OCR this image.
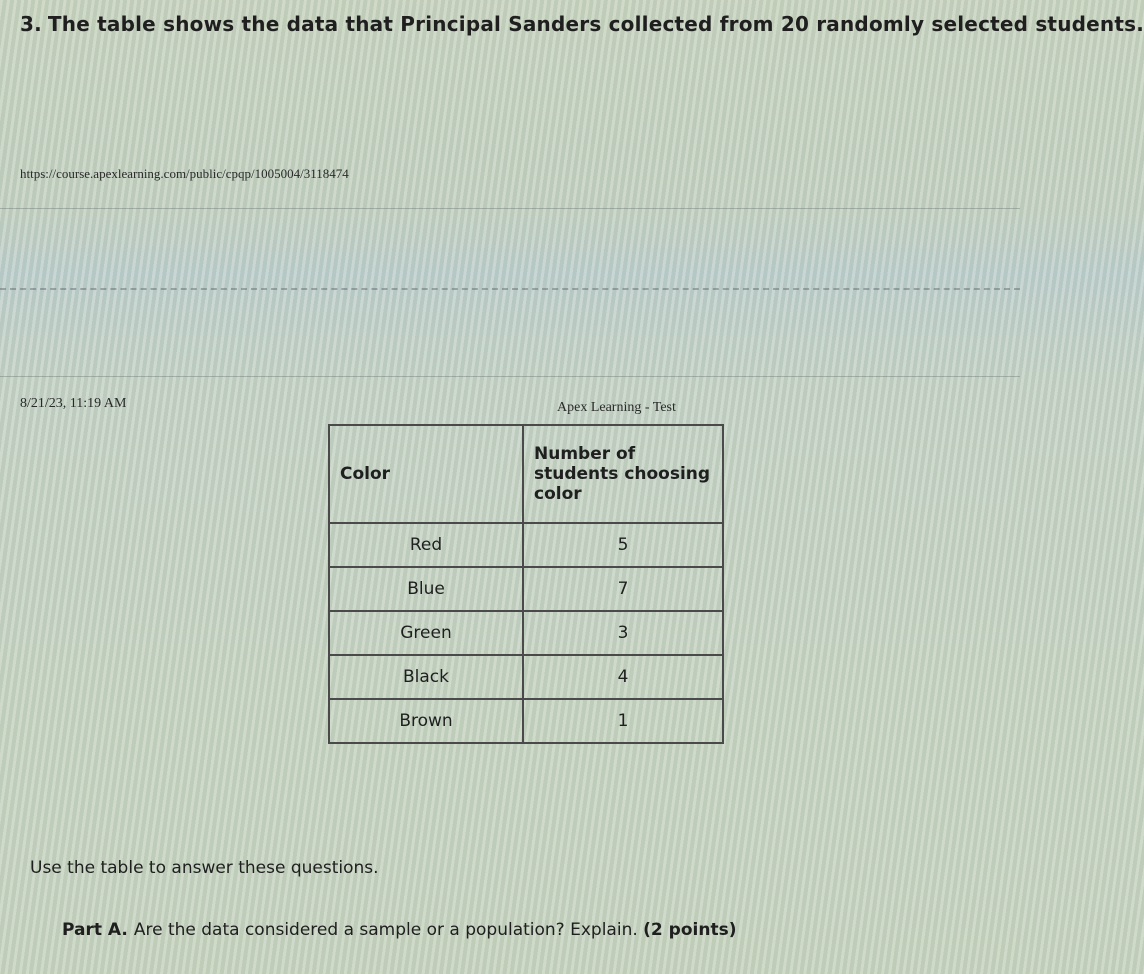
3. The table shows the data that Principal Sanders collected from 20 randomly selected students.
https://course.apexlearning.com/public/cpqp/1005004/3118474
8/21/23, 11:19 AM	Apex Learning - Test
Color	Number of students choosing color
Red	5
Blue	7
Green	3
Black	4
Brown	1
Use the table to answer these questions.
Part A. Are the data considered a sample or a population? Explain. (2 points)
